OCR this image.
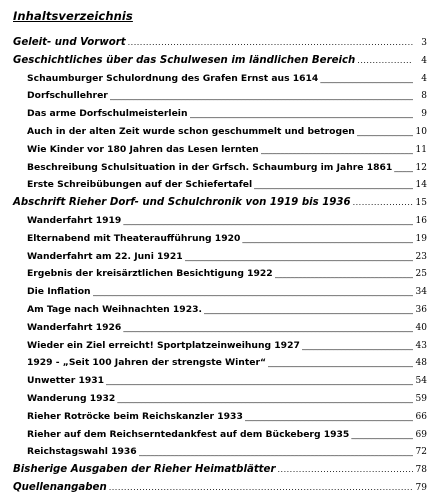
Inhaltsverzeichnis
Geleit- und Vorwort .....	3
Geschichtliches über das Schulwesen im ländlichen Bereich .....	4
Schaumburger Schulordnung des Grafen Ernst aus 1614 _____	4
Dorfschullehrer _____	8
Das arme Dorfschulmeisterlein _____	9
Auch in der alten Zeit wurde schon geschummelt und betrogen _____	10
Wie Kinder vor 180 Jahren das Lesen lernten _____	11
Beschreibung Schulsituation in der Grfsch. Schaumburg im Jahre 1861 _____	12
Erste Schreibübungen auf der Schiefertafel _____	14
Abschrift Rieher Dorf- und Schulchronik von 1919 bis 1936 .....	15
Wanderfahrt 1919 _____	16
Elternabend mit Theateraufführung 1920 _____	19
Wanderfahrt am 22. Juni 1921 _____	23
Ergebnis der kreisärztlichen Besichtigung 1922 _____	25
Die Inflation _____	34
Am Tage nach Weihnachten 1923. _____	36
Wanderfahrt 1926 _____	40
Wieder ein Ziel erreicht! Sportplatzeinweihung 1927 _____	43
1929 - „Seit 100 Jahren der strengste Winter“ _____	48
Unwetter 1931 _____	54
Wanderung 1932 _____	59
Rieher Rotröcke beim Reichskanzler 1933 _____	66
Rieher auf dem Reichserntedankfest auf dem Bückeberg 1935 _____	69
Reichstagswahl 1936 _____	72
Bisherige Ausgaben der Rieher Heimatblätter .....	78
Quellenangaben .....	79
